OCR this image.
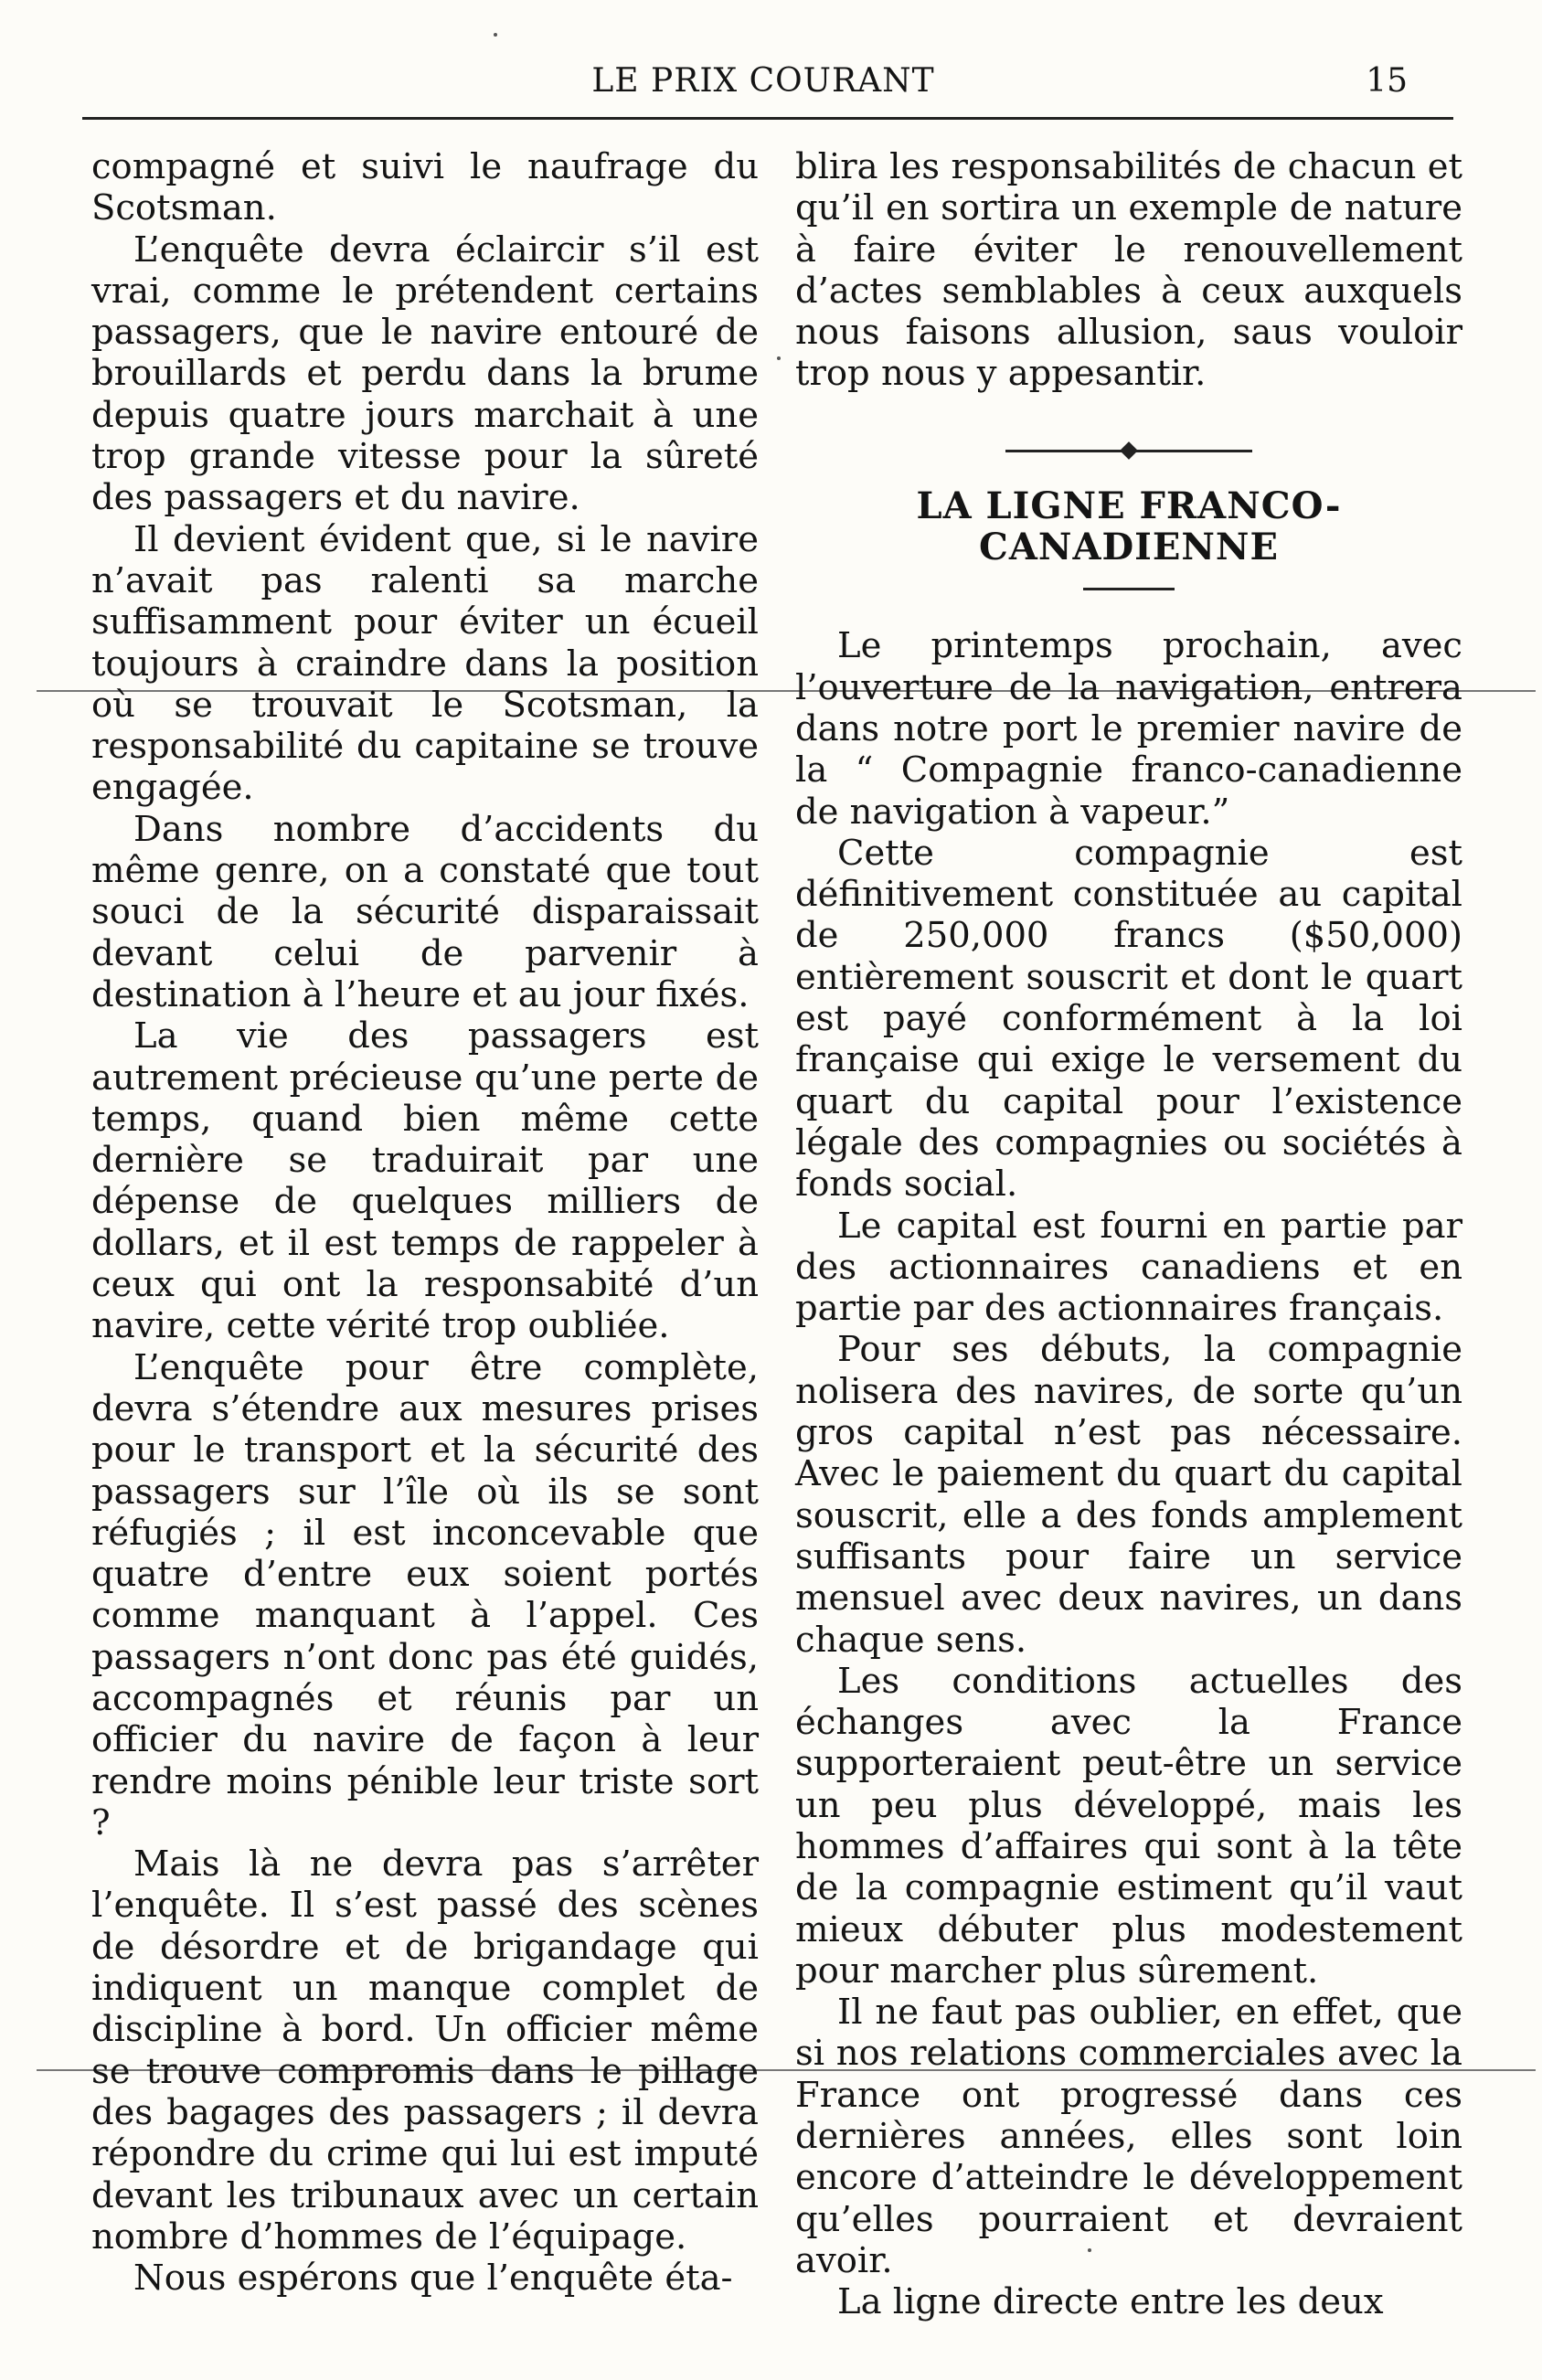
LE PRIX COURANT	15

compagné et suivi le naufrage du Scotsman.

L’enquête devra éclaircir s’il est vrai, comme le prétendent certains passagers, que le navire entouré de brouillards et perdu dans la brume depuis quatre jours marchait à une trop grande vitesse pour la sûreté des passagers et du navire.

Il devient évident que, si le navire n’avait pas ralenti sa marche suffisamment pour éviter un écueil toujours à craindre dans la position où se trouvait le Scotsman, la responsabilité du capitaine se trouve engagée.

Dans nombre d’accidents du même genre, on a constaté que tout souci de la sécurité disparaissait devant celui de parvenir à destination à l’heure et au jour fixés.

La vie des passagers est autrement précieuse qu’une perte de temps, quand bien même cette dernière se traduirait par une dépense de quelques milliers de dollars, et il est temps de rappeler à ceux qui ont la responsabité d’un navire, cette vérité trop oubliée.

L’enquête pour être complète, devra s’étendre aux mesures prises pour le transport et la sécurité des passagers sur l’île où ils se sont réfugiés ; il est inconcevable que quatre d’entre eux soient portés comme manquant à l’appel. Ces passagers n’ont donc pas été guidés, accompagnés et réunis par un officier du navire de façon à leur rendre moins pénible leur triste sort ?

Mais là ne devra pas s’arrêter l’enquête. Il s’est passé des scènes de désordre et de brigandage qui indiquent un manque complet de discipline à bord. Un officier même se trouve compromis dans le pillage des bagages des passagers ; il devra répondre du crime qui lui est imputé devant les tribunaux avec un certain nombre d’hommes de l’équipage.

Nous espérons que l’enquête éta-

blira les responsabilités de chacun et qu’il en sortira un exemple de nature à faire éviter le renouvellement d’actes semblables à ceux auxquels nous faisons allusion, saus vouloir trop nous y appesantir.

LA LIGNE FRANCO-CANADIENNE

Le printemps prochain, avec l’ouverture de la navigation, entrera dans notre port le premier navire de la “ Compagnie franco-canadienne de navigation à vapeur.”

Cette compagnie est définitivement constituée au capital de 250,000 francs ($50,000) entièrement souscrit et dont le quart est payé conformément à la loi française qui exige le versement du quart du capital pour l’existence légale des compagnies ou sociétés à fonds social.

Le capital est fourni en partie par des actionnaires canadiens et en partie par des actionnaires français.

Pour ses débuts, la compagnie nolisera des navires, de sorte qu’un gros capital n’est pas nécessaire. Avec le paiement du quart du capital souscrit, elle a des fonds amplement suffisants pour faire un service mensuel avec deux navires, un dans chaque sens.

Les conditions actuelles des échanges avec la France supporteraient peut-être un service un peu plus développé, mais les hommes d’affaires qui sont à la tête de la compagnie estiment qu’il vaut mieux débuter plus modestement pour marcher plus sûrement.

Il ne faut pas oublier, en effet, que si nos relations commerciales avec la France ont progressé dans ces dernières années, elles sont loin encore d’atteindre le développement qu’elles pourraient et devraient avoir.

La ligne directe entre les deux
